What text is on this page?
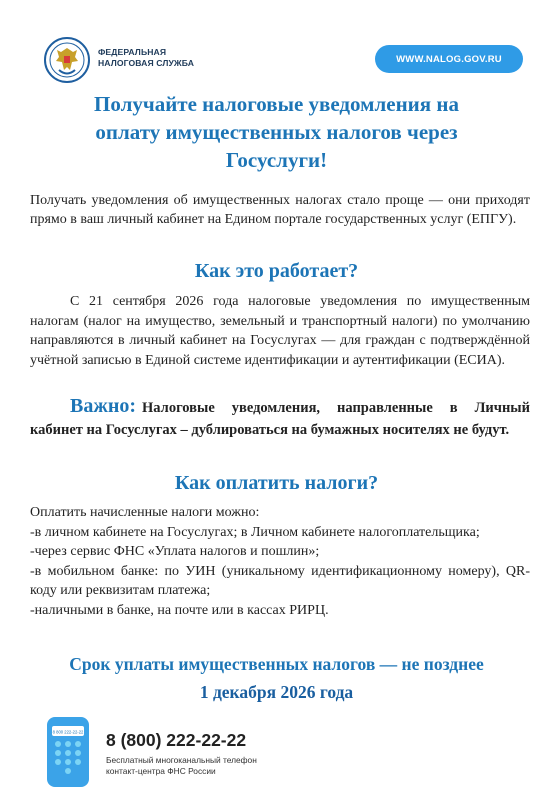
ФЕДЕРАЛЬНАЯ
НАЛОГОВАЯ СЛУЖБА	WWW.NALOG.GOV.RU
Получайте налоговые уведомления на
оплату имущественных налогов через
Госуслуги!
Получать уведомления об имущественных налогах стало проще — они приходят прямо в ваш личный кабинет на Едином портале государственных услуг (ЕПГУ).
Как это работает?
С 21 сентября 2026 года налоговые уведомления по имущественным налогам (налог на имущество, земельный и транспортный налоги) по умолчанию направляются в личный кабинет на Госуслугах — для граждан с подтверждённой учётной записью в Единой системе идентификации и аутентификации (ЕСИА).
Важно: Налоговые уведомления, направленные в Личный кабинет на Госуслугах – дублироваться на бумажных носителях не будут.
Как оплатить налоги?

Оплатить начисленные налоги можно:

-в личном кабинете на Госуслугах; в Личном кабинете налогоплательщика;

-через сервис ФНС «Уплата налогов и пошлин»;

-в мобильном банке: по УИН (уникальному идентификационному номеру), QR-коду или реквизитам платежа;

-наличными в банке, на почте или в кассах РИРЦ.

Срок уплаты имущественных налогов — не позднее
1 декабря 2026 года
8 800 222-22-22 8 (800) 222-22-22
Бесплатный многоканальный телефон
контакт-центра ФНС России
